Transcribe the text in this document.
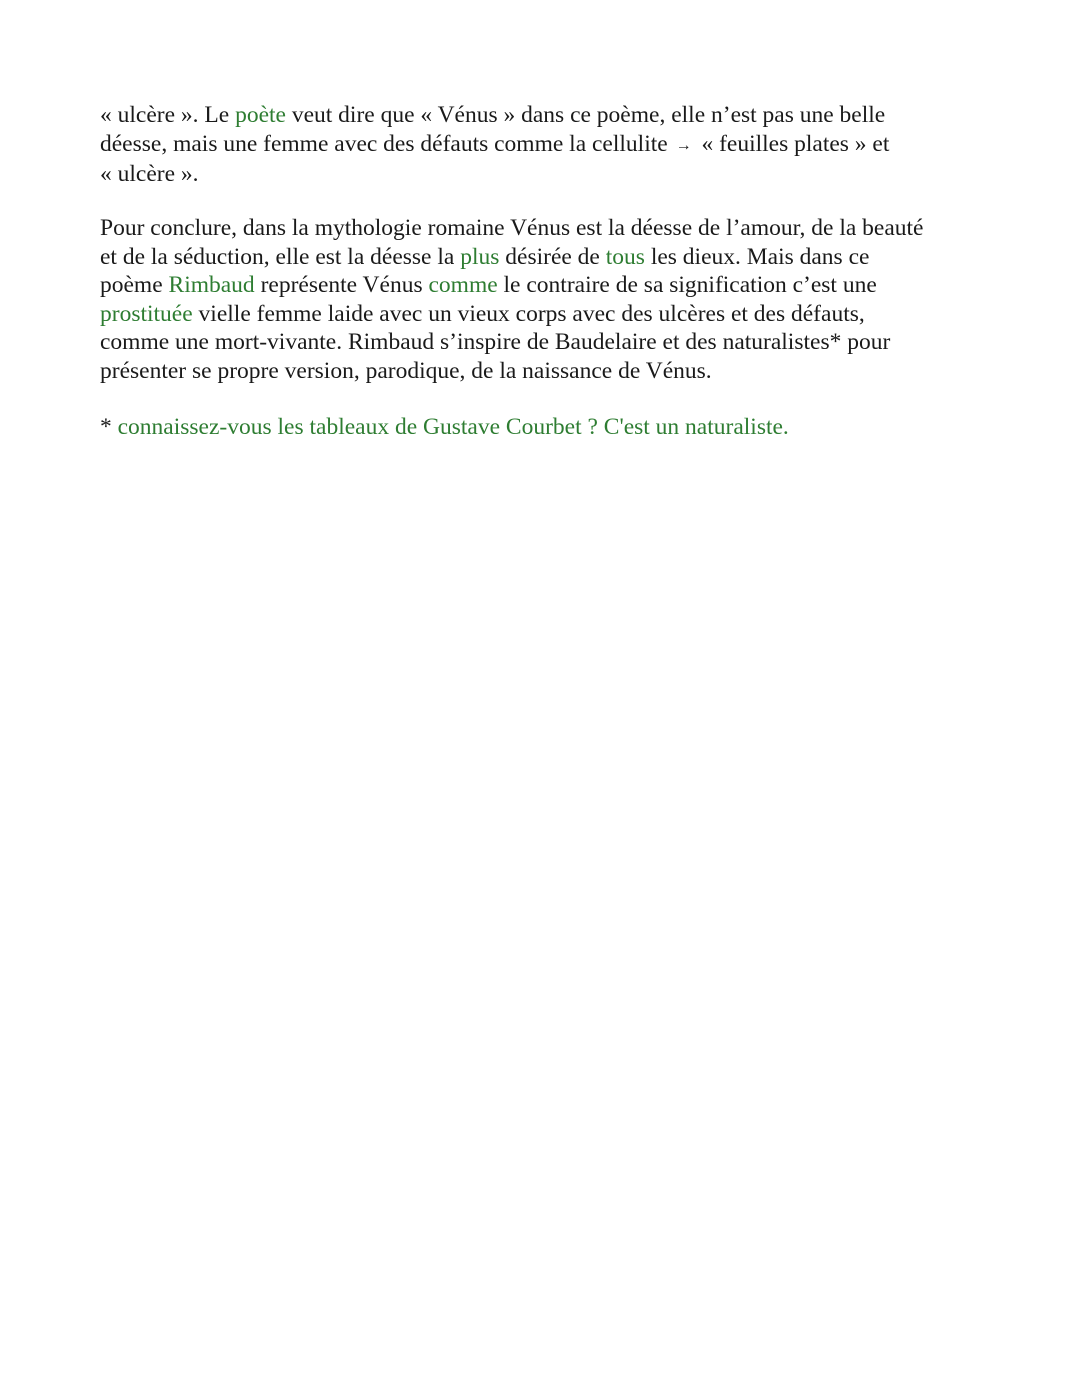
« ulcère ». Le poète veut dire que « Vénus » dans ce poème, elle n’est pas une belle
déesse, mais une femme avec des défauts comme la cellulite → « feuilles plates » et
« ulcère ».
Pour conclure, dans la mythologie romaine Vénus est la déesse de l’amour, de la beauté
et de la séduction, elle est la déesse la plus désirée de tous les dieux. Mais dans ce
poème Rimbaud représente Vénus comme le contraire de sa signification c’est une
prostituée vielle femme laide avec un vieux corps avec des ulcères et des défauts,
comme une mort-vivante. Rimbaud s’inspire de Baudelaire et des naturalistes* pour
présenter se propre version, parodique, de la naissance de Vénus.
* connaissez-vous les tableaux de Gustave Courbet ? C'est un naturaliste.
